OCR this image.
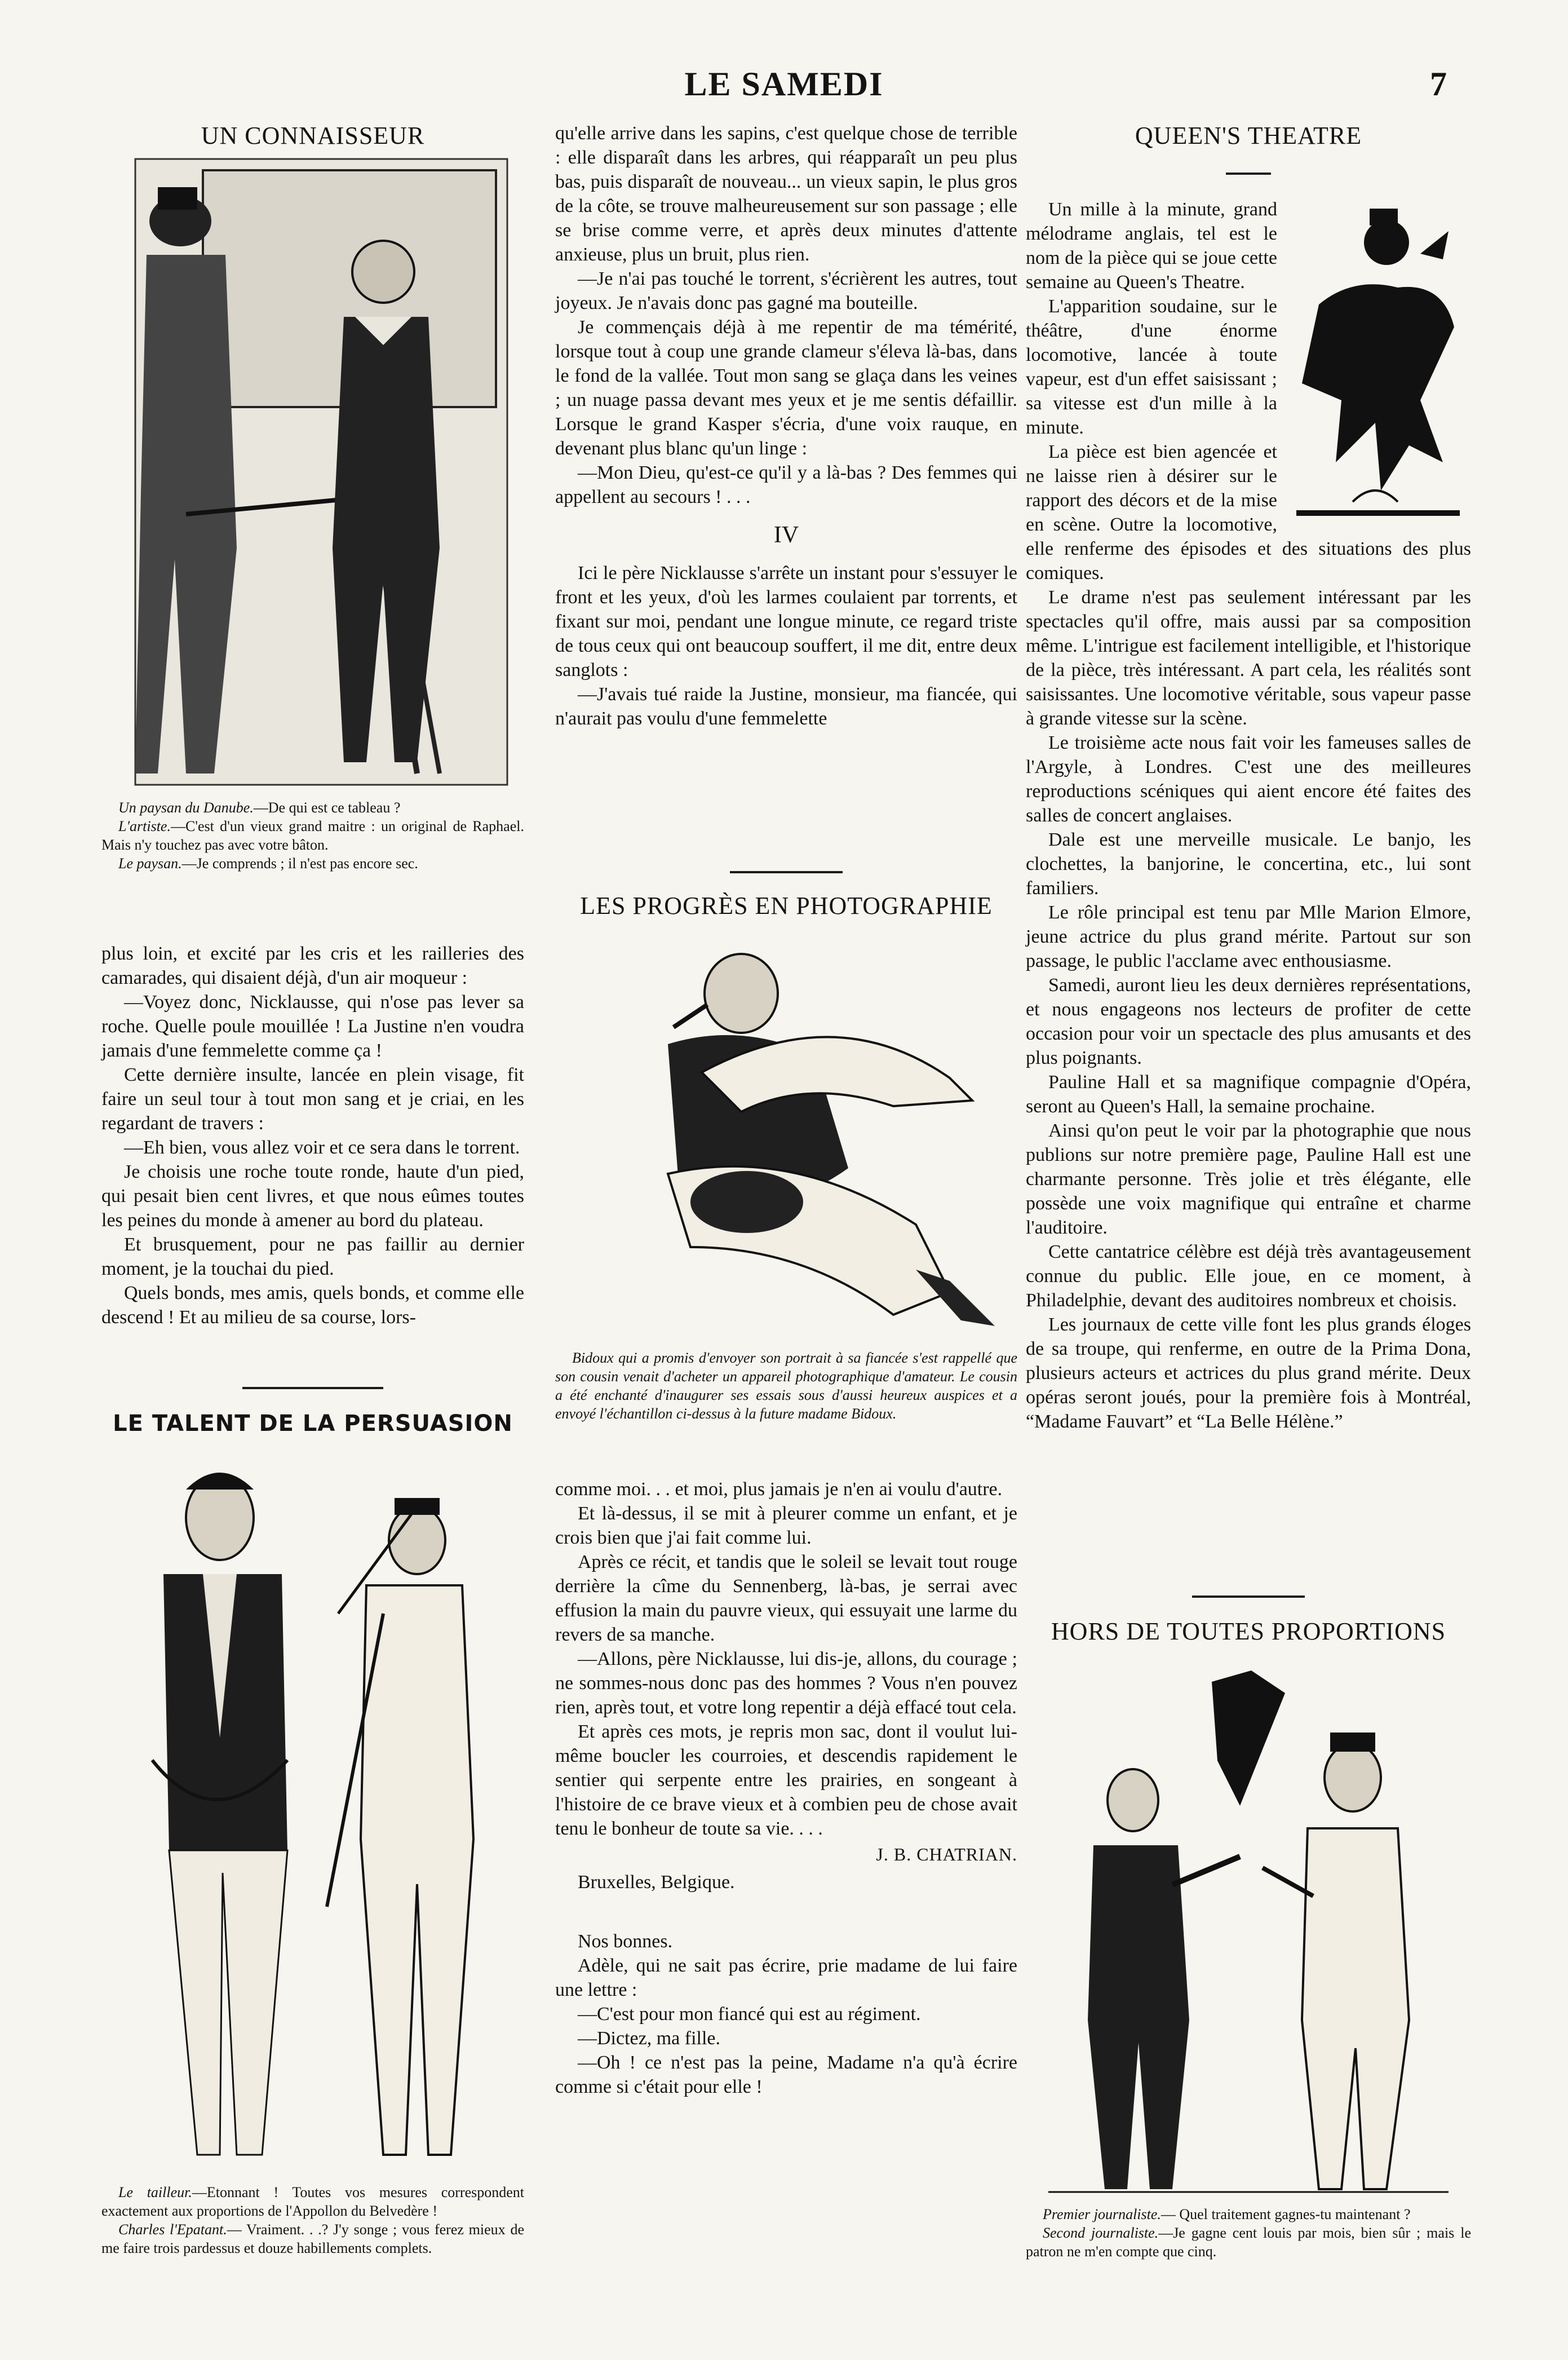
LE SAMEDI	7
UN CONNAISSEUR

Un paysan du Danube.—De qui est ce tableau ?

L'artiste.—C'est d'un vieux grand maitre : un original de Raphael. Mais n'y touchez pas avec votre bâton.

Le paysan.—Je comprends ; il n'est pas encore sec.

plus loin, et excité par les cris et les railleries des camarades, qui disaient déjà, d'un air moqueur :

—Voyez donc, Nicklausse, qui n'ose pas lever sa roche. Quelle poule mouillée ! La Justine n'en voudra jamais d'une femmelette comme ça !

Cette dernière insulte, lancée en plein visage, fit faire un seul tour à tout mon sang et je criai, en les regardant de travers :

—Eh bien, vous allez voir et ce sera dans le torrent.

Je choisis une roche toute ronde, haute d'un pied, qui pesait bien cent livres, et que nous eûmes toutes les peines du monde à amener au bord du plateau.

Et brusquement, pour ne pas faillir au dernier moment, je la touchai du pied.

Quels bonds, mes amis, quels bonds, et comme elle descend ! Et au milieu de sa course, lors-

LE TALENT DE LA PERSUASION

Le tailleur.—Etonnant ! Toutes vos mesures correspondent exactement aux proportions de l'Appollon du Belvedère !

Charles l'Epatant.— Vraiment. . .? J'y songe ; vous ferez mieux de me faire trois pardessus et douze habillements complets.

qu'elle arrive dans les sapins, c'est quelque chose de terrible : elle disparaît dans les arbres, qui réapparaît un peu plus bas, puis disparaît de nouveau... un vieux sapin, le plus gros de la côte, se trouve malheureusement sur son passage ; elle se brise comme verre, et après deux minutes d'attente anxieuse, plus un bruit, plus rien.

—Je n'ai pas touché le torrent, s'écrièrent les autres, tout joyeux. Je n'avais donc pas gagné ma bouteille.

Je commençais déjà à me repentir de ma témérité, lorsque tout à coup une grande clameur s'éleva là-bas, dans le fond de la vallée. Tout mon sang se glaça dans les veines ; un nuage passa devant mes yeux et je me sentis défaillir. Lorsque le grand Kasper s'écria, d'une voix rauque, en devenant plus blanc qu'un linge :

—Mon Dieu, qu'est-ce qu'il y a là-bas ? Des femmes qui appellent au secours ! . . .

IV

Ici le père Nicklausse s'arrête un instant pour s'essuyer le front et les yeux, d'où les larmes coulaient par torrents, et fixant sur moi, pendant une longue minute, ce regard triste de tous ceux qui ont beaucoup souffert, il me dit, entre deux sanglots :

—J'avais tué raide la Justine, monsieur, ma fiancée, qui n'aurait pas voulu d'une femmelette

LES PROGRÈS EN PHOTOGRAPHIE

Bidoux qui a promis d'envoyer son portrait à sa fiancée s'est rappellé que son cousin venait d'acheter un appareil photographique d'amateur. Le cousin a été enchanté d'inaugurer ses essais sous d'aussi heureux auspices et a envoyé l'échantillon ci-dessus à la future madame Bidoux.

comme moi. . . et moi, plus jamais je n'en ai voulu d'autre.

Et là-dessus, il se mit à pleurer comme un enfant, et je crois bien que j'ai fait comme lui.

Après ce récit, et tandis que le soleil se levait tout rouge derrière la cîme du Sennenberg, là-bas, je serrai avec effusion la main du pauvre vieux, qui essuyait une larme du revers de sa manche.

—Allons, père Nicklausse, lui dis-je, allons, du courage ; ne sommes-nous donc pas des hommes ? Vous n'en pouvez rien, après tout, et votre long repentir a déjà effacé tout cela.

Et après ces mots, je repris mon sac, dont il voulut lui-même boucler les courroies, et descendis rapidement le sentier qui serpente entre les prairies, en songeant à l'histoire de ce brave vieux et à combien peu de chose avait tenu le bonheur de toute sa vie. . . .

J. B. CHATRIAN.
Bruxelles, Belgique.

Nos bonnes.

Adèle, qui ne sait pas écrire, prie madame de lui faire une lettre :

—C'est pour mon fiancé qui est au régiment.

—Dictez, ma fille.

—Oh ! ce n'est pas la peine, Madame n'a qu'à écrire comme si c'était pour elle !

QUEEN'S THEATRE

Un mille à la minute, grand mélodrame anglais, tel est le nom de la pièce qui se joue cette semaine au Queen's Theatre.

L'apparition soudaine, sur le théâtre, d'une énorme locomotive, lancée à toute vapeur, est d'un effet saisissant ; sa vitesse est d'un mille à la minute.

La pièce est bien agencée et ne laisse rien à désirer sur le rapport des décors et de la mise en scène. Outre la locomotive, elle renferme des épisodes et des situations des plus comiques.

Le drame n'est pas seulement intéressant par les spectacles qu'il offre, mais aussi par sa composition même. L'intrigue est facilement intelligible, et l'historique de la pièce, très intéressant. A part cela, les réalités sont saisissantes. Une locomotive véritable, sous vapeur passe à grande vitesse sur la scène.

Le troisième acte nous fait voir les fameuses salles de l'Argyle, à Londres. C'est une des meilleures reproductions scéniques qui aient encore été faites des salles de concert anglaises.

Dale est une merveille musicale. Le banjo, les clochettes, la banjorine, le concertina, etc., lui sont familiers.

Le rôle principal est tenu par Mlle Marion Elmore, jeune actrice du plus grand mérite. Partout sur son passage, le public l'acclame avec enthousiasme.

Samedi, auront lieu les deux dernières représentations, et nous engageons nos lecteurs de profiter de cette occasion pour voir un spectacle des plus amusants et des plus poignants.

Pauline Hall et sa magnifique compagnie d'Opéra, seront au Queen's Hall, la semaine prochaine.

Ainsi qu'on peut le voir par la photographie que nous publions sur notre première page, Pauline Hall est une charmante personne. Très jolie et très élégante, elle possède une voix magnifique qui entraîne et charme l'auditoire.

Cette cantatrice célèbre est déjà très avantageusement connue du public. Elle joue, en ce moment, à Philadelphie, devant des auditoires nombreux et choisis.

Les journaux de cette ville font les plus grands éloges de sa troupe, qui renferme, en outre de la Prima Dona, plusieurs acteurs et actrices du plus grand mérite. Deux opéras seront joués, pour la première fois à Montréal, “Madame Fauvart” et “La Belle Hélène.”

HORS DE TOUTES PROPORTIONS

Premier journaliste.— Quel traitement gagnes-tu maintenant ?

Second journaliste.—Je gagne cent louis par mois, bien sûr ; mais le patron ne m'en compte que cinq.
